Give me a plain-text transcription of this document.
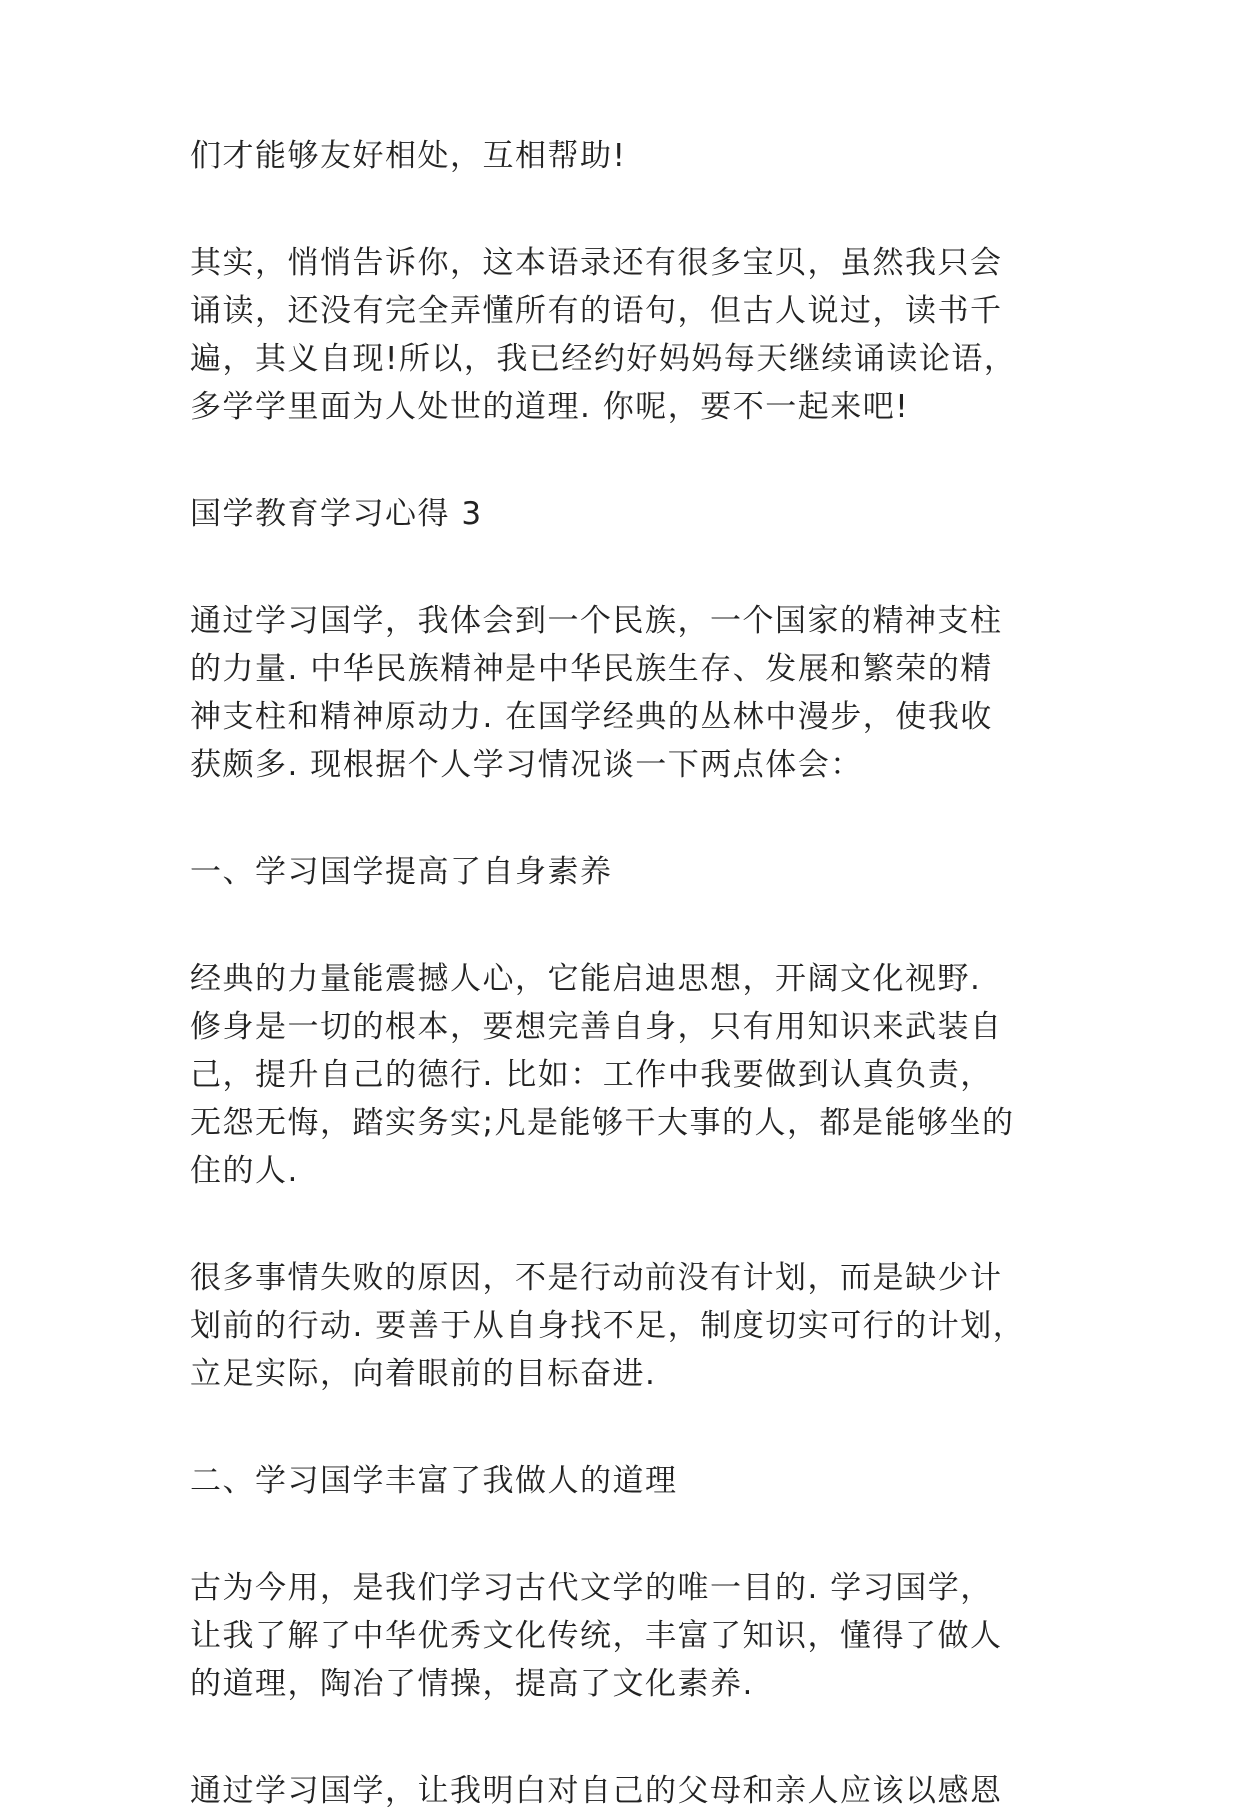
们才能够友好相处，互相帮助!

其实，悄悄告诉你，这本语录还有很多宝贝，虽然我只会
诵读，还没有完全弄懂所有的语句，但古人说过，读书千
遍，其义自现!所以，我已经约好妈妈每天继续诵读论语，
多学学里面为人处世的道理. 你呢，要不一起来吧!

国学教育学习心得 3

通过学习国学，我体会到一个民族，一个国家的精神支柱
的力量. 中华民族精神是中华民族生存、发展和繁荣的精
神支柱和精神原动力. 在国学经典的丛林中漫步，使我收
获颇多. 现根据个人学习情况谈一下两点体会：

一、学习国学提高了自身素养

经典的力量能震撼人心，它能启迪思想，开阔文化视野.
修身是一切的根本，要想完善自身，只有用知识来武装自
己，提升自己的德行. 比如：工作中我要做到认真负责，
无怨无悔，踏实务实;凡是能够干大事的人，都是能够坐的
住的人.

很多事情失败的原因，不是行动前没有计划，而是缺少计
划前的行动. 要善于从自身找不足，制度切实可行的计划，
立足实际，向着眼前的目标奋进.

二、学习国学丰富了我做人的道理

古为今用，是我们学习古代文学的唯一目的. 学习国学，
让我了解了中华优秀文化传统，丰富了知识，懂得了做人
的道理，陶冶了情操，提高了文化素养.

通过学习国学，让我明白对自己的父母和亲人应该以感恩
